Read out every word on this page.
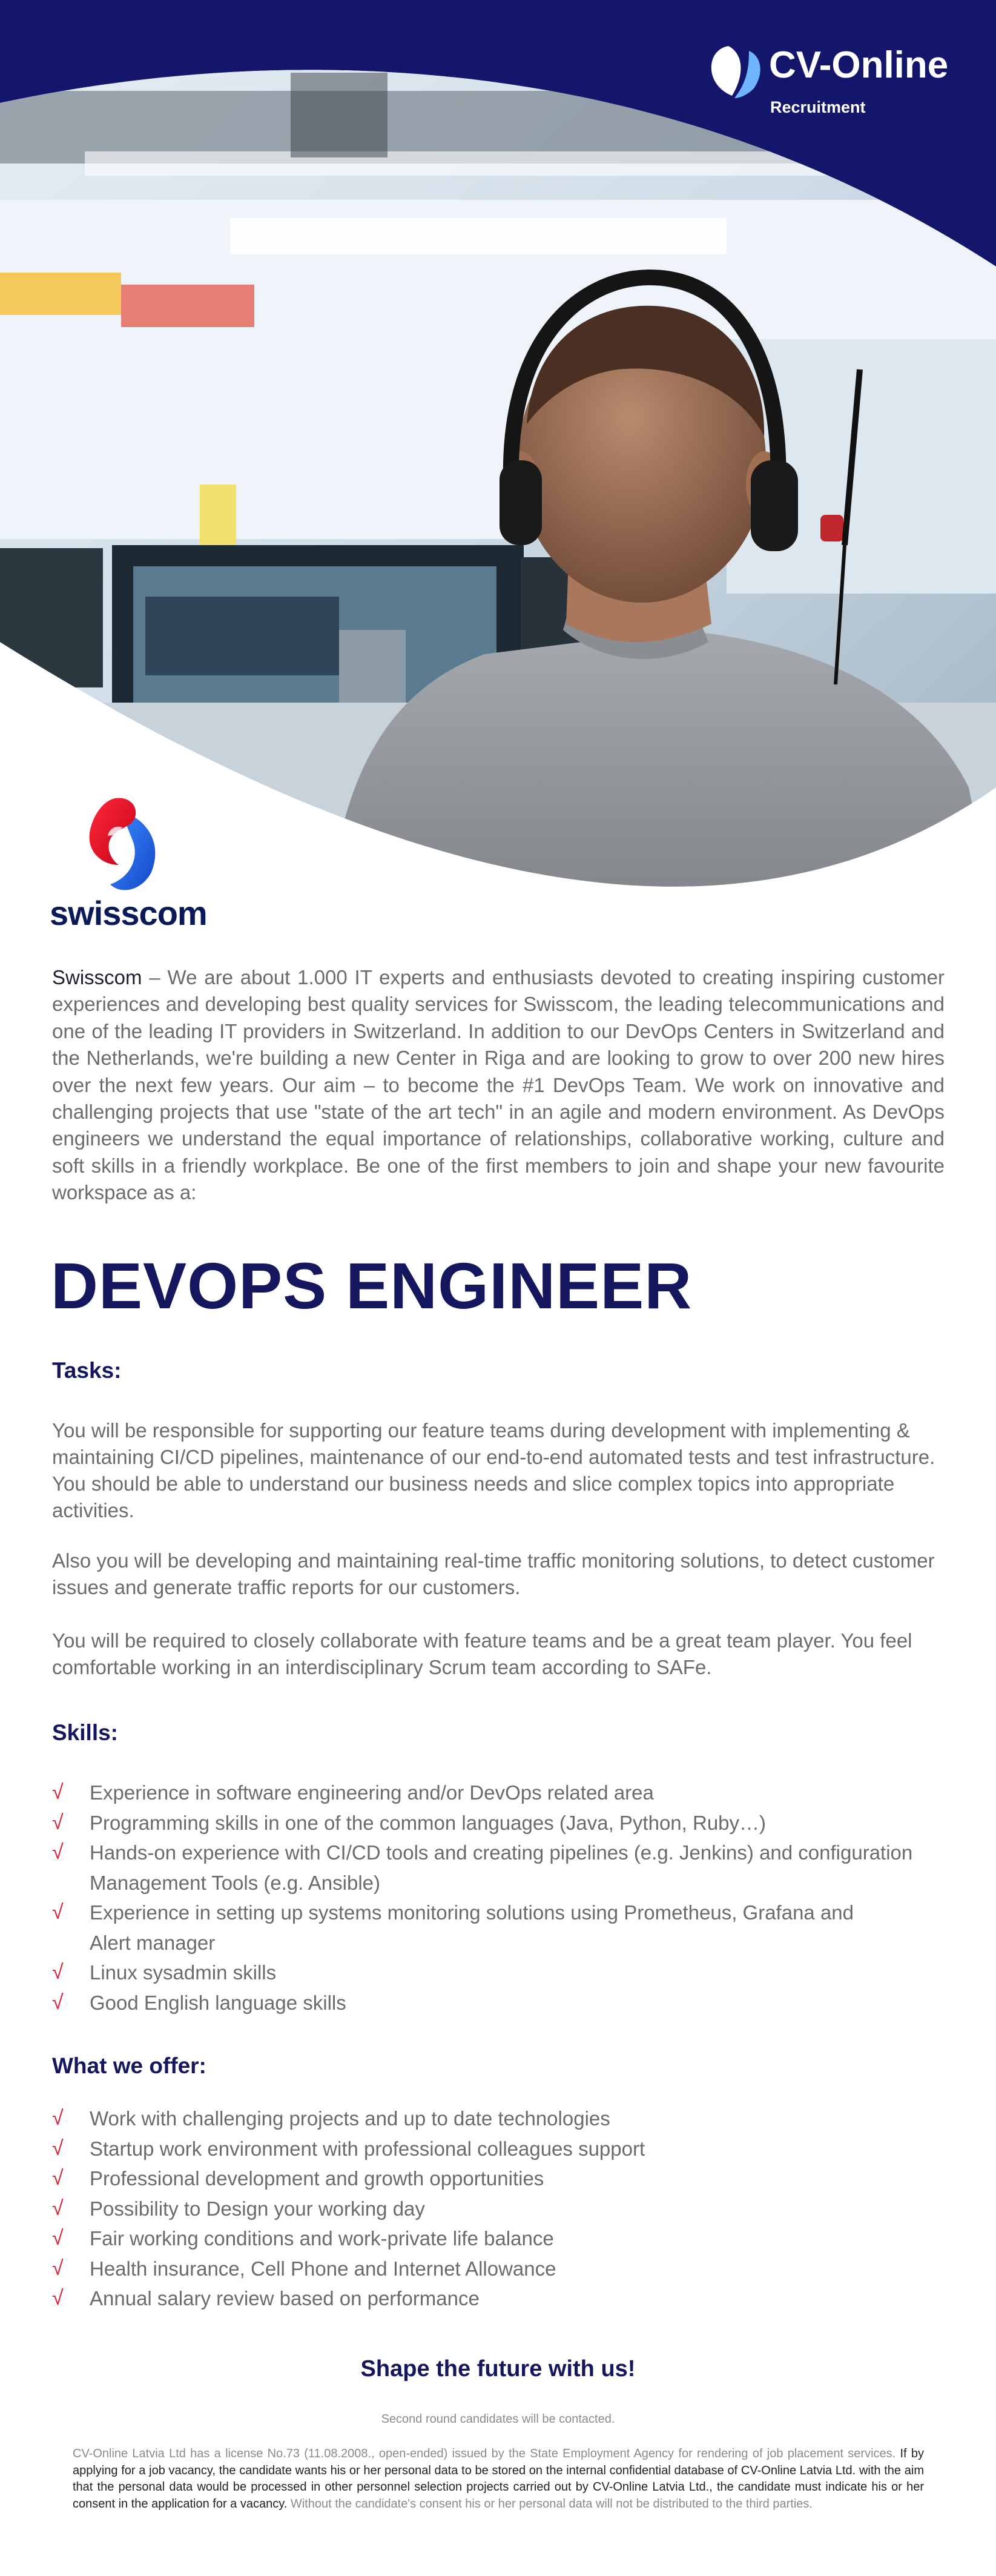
CV-Online
Recruitment
swisscom
Swisscom – We are about 1.000 IT experts and enthusiasts devoted to creating inspiring customer experiences and developing best quality services for Swisscom, the leading telecommunications and one of the leading IT providers in Switzerland. In addition to our DevOps Centers in Switzerland and the Netherlands, we're building a new Center in Riga and are looking to grow to over 200 new hires over the next few years. Our aim – to become the #1 DevOps Team. We work on innovative and challenging projects that use "state of the art tech" in an agile and modern environment. As DevOps engineers we understand the equal importance of relationships, collaborative working, culture and soft skills in a friendly workplace. Be one of the first members to join and shape your new favourite workspace as a:
DEVOPS ENGINEER
Tasks:
You will be responsible for supporting our feature teams during development with implementing & maintaining CI/CD pipelines, maintenance of our end-to-end automated tests and test infrastructure. You should be able to understand our business needs and slice complex topics into appropriate activities.
Also you will be developing and maintaining real-time traffic monitoring solutions, to detect customer issues and generate traffic reports for our customers.
You will be required to closely collaborate with feature teams and be a great team player. You feel comfortable working in an interdisciplinary Scrum team according to SAFe.
Skills:
√ Experience in software engineering and/or DevOps related area
√ Programming skills in one of the common languages (Java, Python, Ruby…)
√ Hands-on experience with CI/CD tools and creating pipelines (e.g. Jenkins) and configuration Management Tools (e.g. Ansible)
√ Experience in setting up systems monitoring solutions using Prometheus, Grafana and Alert manager
√ Linux sysadmin skills
√ Good English language skills
What we offer:
√ Work with challenging projects and up to date technologies
√ Startup work environment with professional colleagues support
√ Professional development and growth opportunities
√ Possibility to Design your working day
√ Fair working conditions and work-private life balance
√ Health insurance, Cell Phone and Internet Allowance
√ Annual salary review based on performance
Shape the future with us!
Second round candidates will be contacted.
CV-Online Latvia Ltd has a license No.73 (11.08.2008., open-ended) issued by the State Employment Agency for rendering of job placement services. If by applying for a job vacancy, the candidate wants his or her personal data to be stored on the internal confidential database of CV-Online Latvia Ltd. with the aim that the personal data would be processed in other personnel selection projects carried out by CV-Online Latvia Ltd., the candidate must indicate his or her consent in the application for a vacancy. Without the candidate's consent his or her personal data will not be distributed to the third parties.
